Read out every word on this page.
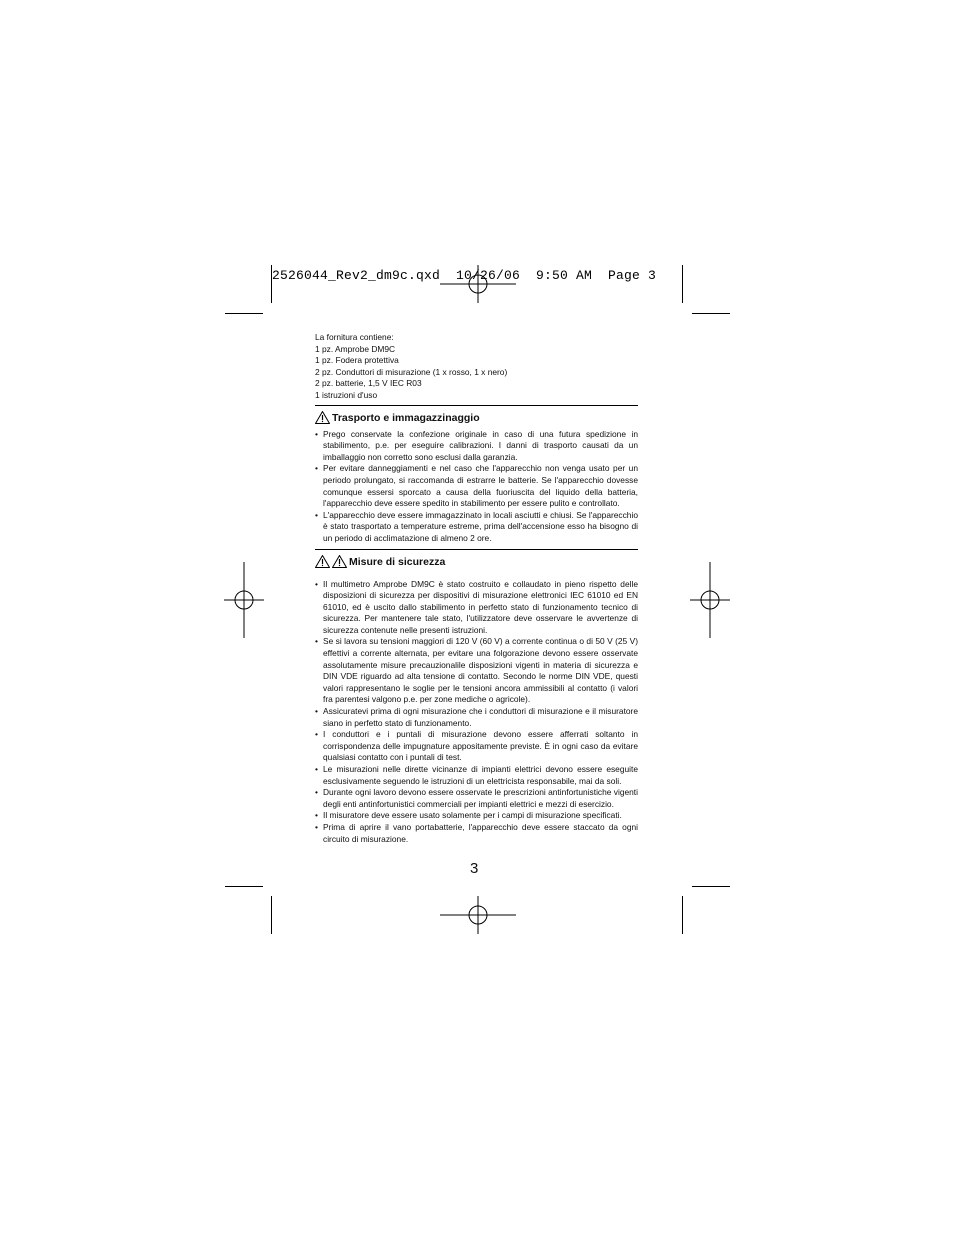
2526044_Rev2_dm9c.qxd  10/26/06  9:50 AM  Page 3

La fornitura contiene:

1 pz. Amprobe DM9C

1 pz. Fodera protettiva

2 pz. Conduttori di misurazione (1 x rosso, 1 x nero)

2 pz. batterie, 1,5 V IEC R03

1 istruzioni d'uso

Trasporto e immagazzinaggio
• Prego conservate la confezione originale in caso di una futura spedizione in stabilimento, p.e. per eseguire calibrazioni. I danni di trasporto causati da un imballaggio non corretto sono esclusi dalla garanzia.
• Per evitare danneggiamenti e nel caso che l'apparecchio non venga usato per un periodo prolungato, si raccomanda di estrarre le batterie. Se l'apparecchio dovesse comunque essersi sporcato a causa della fuoriuscita del liquido della batteria, l'apparecchio deve essere spedito in stabilimento per essere pulito e controllato.
• L'apparecchio deve essere immagazzinato in locali asciutti e chiusi. Se l'apparecchio è stato trasportato a temperature estreme, prima dell'accensione esso ha bisogno di un periodo di acclimatazione di almeno 2 ore.
Misure di sicurezza
• Il multimetro Amprobe DM9C è stato costruito e collaudato in pieno rispetto delle disposizioni di sicurezza per dispositivi di misurazione elettronici IEC 61010 ed EN 61010, ed è uscito dallo stabilimento in perfetto stato di funzionamento tecnico di sicurezza. Per mantenere tale stato, l'utilizzatore deve osservare le avvertenze di sicurezza contenute nelle presenti istruzioni.
• Se si lavora su tensioni maggiori di 120 V (60 V) a corrente continua o di 50 V (25 V) effettivi a corrente alternata, per evitare una folgorazione devono essere osservate assolutamente misure precauzionalile disposizioni vigenti in materia di sicurezza e DIN VDE riguardo ad alta tensione di contatto. Secondo le norme DIN VDE, questi valori rappresentano le soglie per le tensioni ancora ammissibili al contatto (i valori fra parentesi valgono p.e. per zone mediche o agricole).
• Assicuratevi prima di ogni misurazione che i conduttori di misurazione e il misuratore siano in perfetto stato di funzionamento.
• I conduttori e i puntali di misurazione devono essere afferrati soltanto in corrispondenza delle impugnature appositamente previste. È in ogni caso da evitare qualsiasi contatto con i puntali di test.
• Le misurazioni nelle dirette vicinanze di impianti elettrici devono essere eseguite esclusivamente seguendo le istruzioni di un elettricista responsabile, mai da soli.
• Durante ogni lavoro devono essere osservate le prescrizioni antinfortunistiche vigenti degli enti antinfortunistici commerciali per impianti elettrici e mezzi di esercizio.
• Il misuratore deve essere usato solamente per i campi di misurazione specificati.
• Prima di aprire il vano portabatterie, l'apparecchio deve essere staccato da ogni circuito di misurazione.
3
